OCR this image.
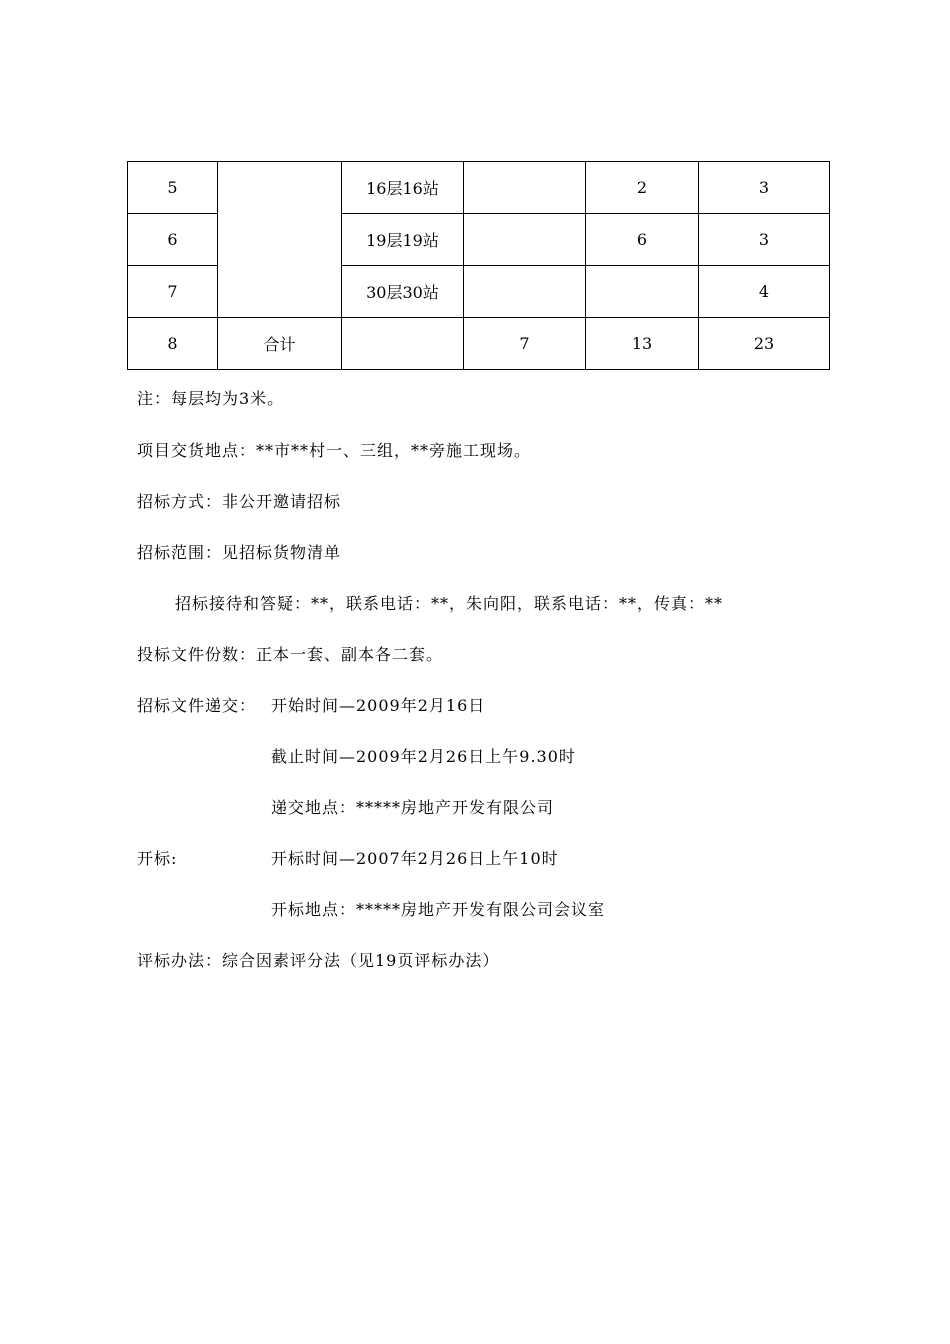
5		16层16站		2	3
6		19层19站		6	3
7		30层30站			4
8	合计		7	13	23
注：每层均为3米。
项目交货地点：**市**村一、三组，**旁施工现场。
招标方式：非公开邀请招标
招标范围：见招标货物清单
招标接待和答疑：**，联系电话：**，朱向阳，联系电话：**，传真：**
投标文件份数：正本一套、副本各二套。
招标文件递交： 开始时间—2009年2月16日
截止时间—2009年2月26日上午9.30时
递交地点：*****房地产开发有限公司
开标:	开标时间—2007年2月26日上午10时
开标地点：*****房地产开发有限公司会议室
评标办法：综合因素评分法（见19页评标办法）
